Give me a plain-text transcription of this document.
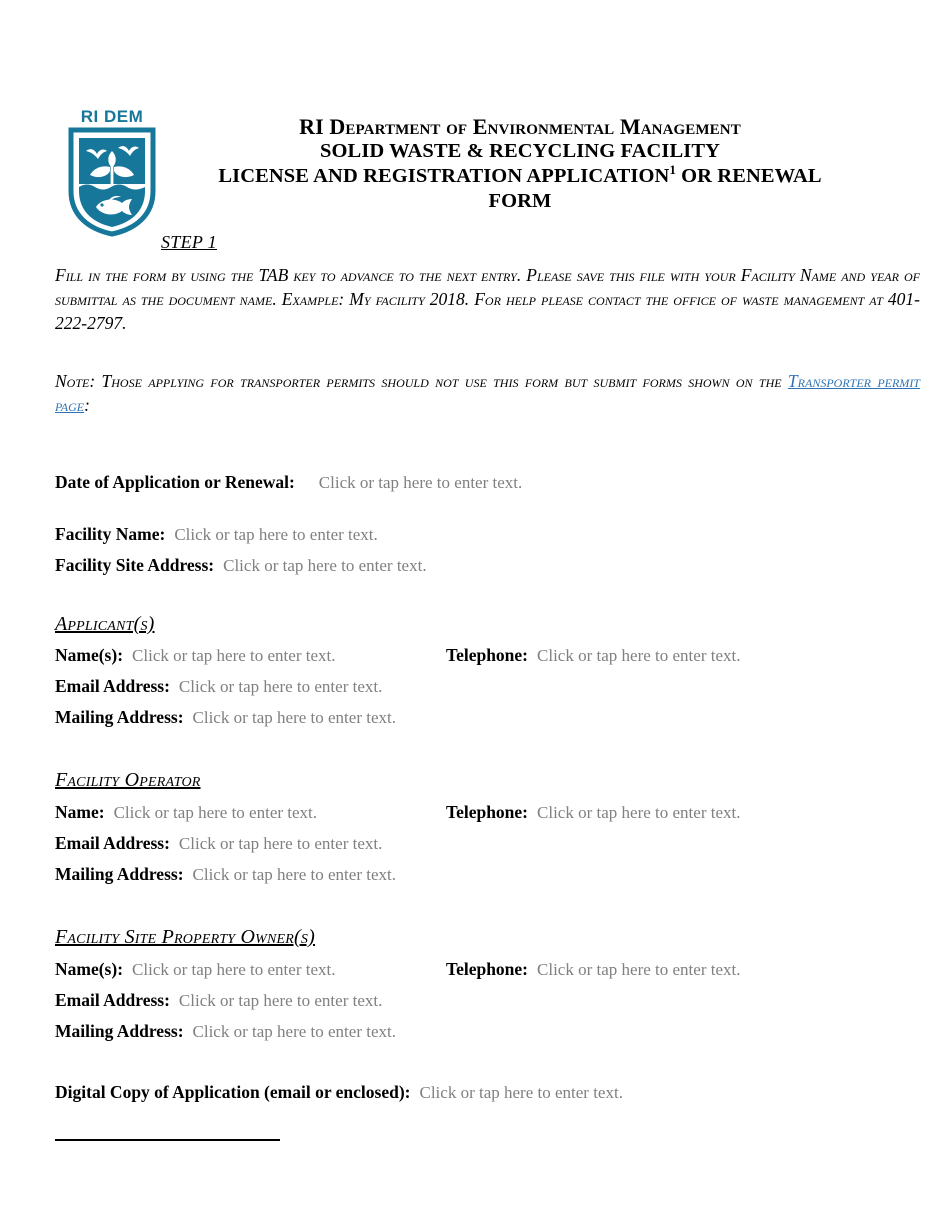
RI DEM	RI Department of Environmental Management
SOLID WASTE & RECYCLING FACILITY
LICENSE AND REGISTRATION APPLICATION$^1$ OR RENEWAL
FORM
STEP 1
Fill in the form by using the TAB key to advance to the next entry. Please save this file with your Facility Name and year of submittal as the document name. Example: My facility 2018. For help please contact the office of waste management at 401-222-2797.
Note: Those applying for transporter permits should not use this form but submit forms shown on the Transporter permit page:
Date of Application or Renewal: Click or tap here to enter text.
Facility Name: Click or tap here to enter text.
Facility Site Address: Click or tap here to enter text.
Applicant(s)
Name(s): Click or tap here to enter text.	Telephone: Click or tap here to enter text.
Email Address: Click or tap here to enter text.
Mailing Address: Click or tap here to enter text.
Facility Operator
Name: Click or tap here to enter text.	Telephone: Click or tap here to enter text.
Email Address: Click or tap here to enter text.
Mailing Address: Click or tap here to enter text.
Facility Site Property Owner(s)
Name(s): Click or tap here to enter text.	Telephone: Click or tap here to enter text.
Email Address: Click or tap here to enter text.
Mailing Address: Click or tap here to enter text.
Digital Copy of Application (email or enclosed): Click or tap here to enter text.
